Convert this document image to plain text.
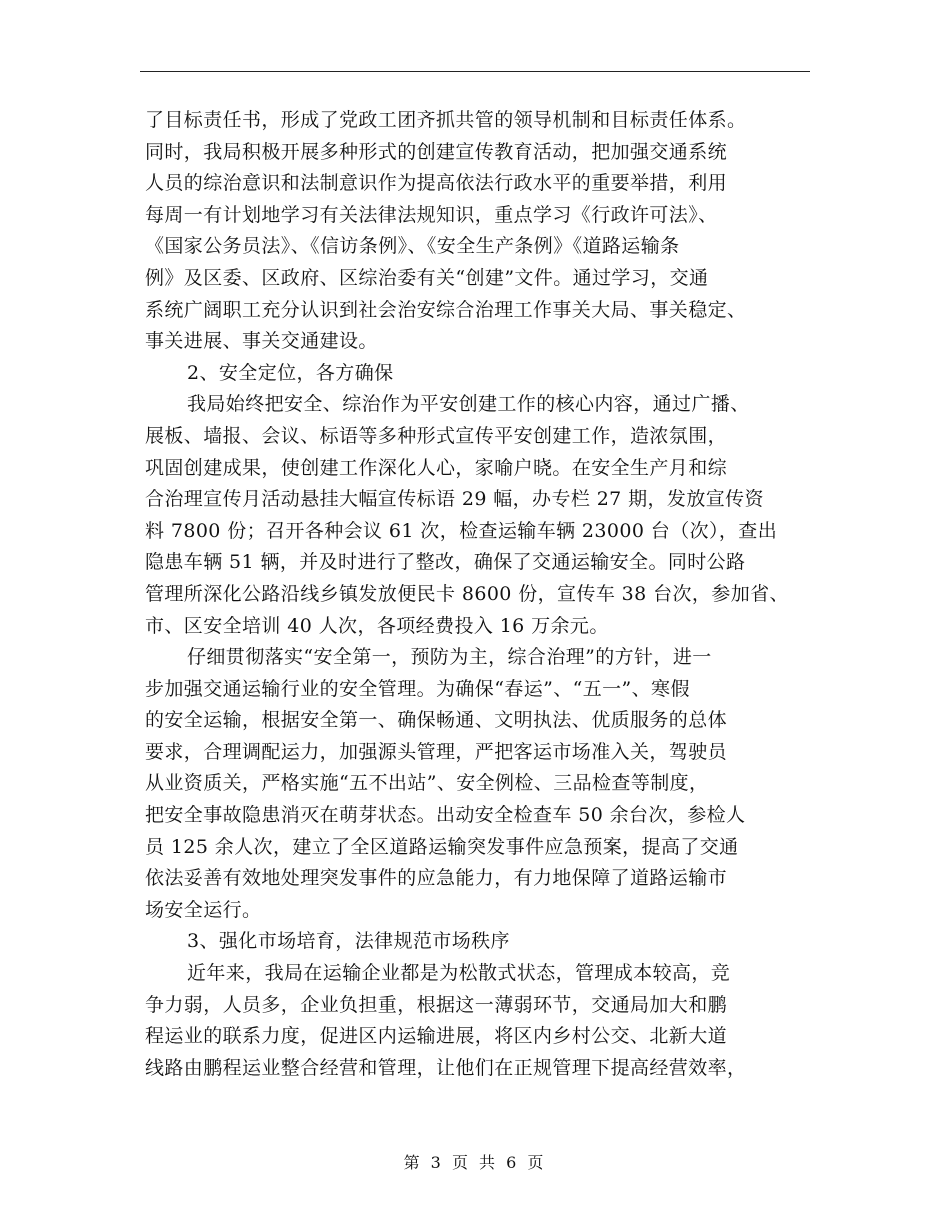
了目标责任书，形成了党政工团齐抓共管的领导机制和目标责任体系。
同时，我局积极开展多种形式的创建宣传教育活动，把加强交通系统
人员的综治意识和法制意识作为提高依法行政水平的重要举措，利用
每周一有计划地学习有关法律法规知识，重点学习《行政许可法》、
《国家公务员法》、《信访条例》、《安全生产条例》《道路运输条
例》及区委、区政府、区综治委有关“创建”文件。通过学习，交通
系统广阔职工充分认识到社会治安综合治理工作事关大局、事关稳定、
事关进展、事关交通建设。
2、安全定位，各方确保
我局始终把安全、综治作为平安创建工作的核心内容，通过广播、
展板、墙报、会议、标语等多种形式宣传平安创建工作，造浓氛围，
巩固创建成果，使创建工作深化人心，家喻户晓。在安全生产月和综
合治理宣传月活动悬挂大幅宣传标语 29 幅，办专栏 27 期，发放宣传资
料 7800 份；召开各种会议 61 次，检查运输车辆 23000 台（次），查出
隐患车辆 51 辆，并及时进行了整改，确保了交通运输安全。同时公路
管理所深化公路沿线乡镇发放便民卡 8600 份，宣传车 38 台次，参加省、
市、区安全培训 40 人次，各项经费投入 16 万余元。
仔细贯彻落实“安全第一，预防为主，综合治理”的方针，进一
步加强交通运输行业的安全管理。为确保“春运”、“五一”、寒假
的安全运输，根据安全第一、确保畅通、文明执法、优质服务的总体
要求，合理调配运力，加强源头管理，严把客运市场准入关，驾驶员
从业资质关，严格实施“五不出站”、安全例检、三品检查等制度，
把安全事故隐患消灭在萌芽状态。出动安全检查车 50 余台次，参检人
员 125 余人次，建立了全区道路运输突发事件应急预案，提高了交通
依法妥善有效地处理突发事件的应急能力，有力地保障了道路运输市
场安全运行。
3、强化市场培育，法律规范市场秩序
近年来，我局在运输企业都是为松散式状态，管理成本较高，竞
争力弱，人员多，企业负担重，根据这一薄弱环节，交通局加大和鹏
程运业的联系力度，促进区内运输进展，将区内乡村公交、北新大道
线路由鹏程运业整合经营和管理，让他们在正规管理下提高经营效率，
第 3 页 共 6 页
